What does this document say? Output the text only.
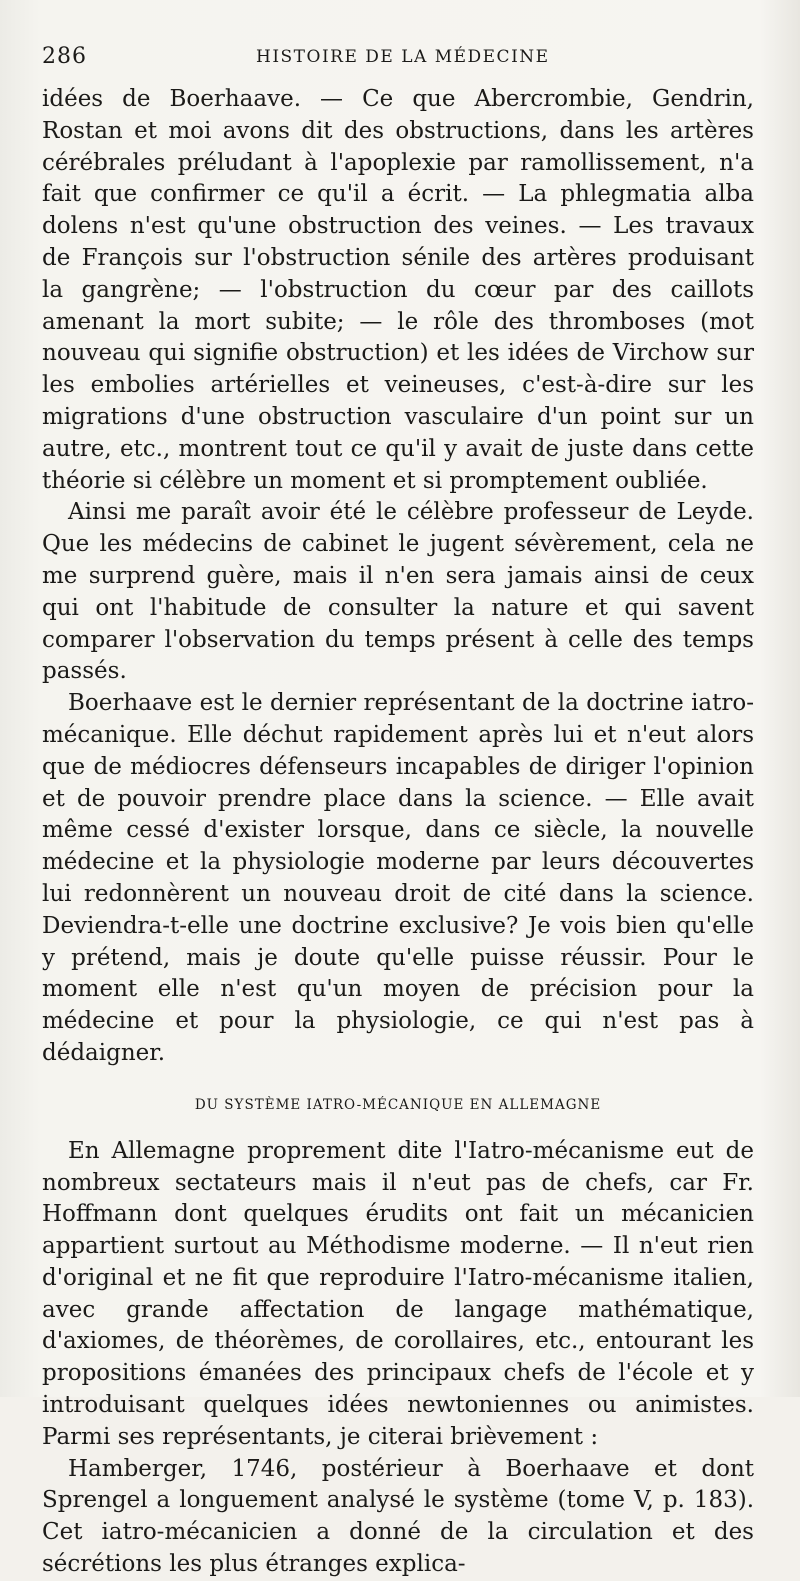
286	HISTOIRE DE LA MÉDECINE

idées de Boerhaave. — Ce que Abercrombie, Gendrin, Rostan et moi avons dit des obstructions, dans les artères cérébrales préludant à l'apoplexie par ramollissement, n'a fait que confirmer ce qu'il a écrit. — La phlegmatia alba dolens n'est qu'une obstruction des veines. — Les travaux de François sur l'obstruction sénile des artères produisant la gangrène; — l'obstruction du cœur par des caillots amenant la mort subite; — le rôle des thromboses (mot nouveau qui signifie obstruction) et les idées de Virchow sur les embolies artérielles et veineuses, c'est-à-dire sur les migrations d'une obstruction vasculaire d'un point sur un autre, etc., montrent tout ce qu'il y avait de juste dans cette théorie si célèbre un moment et si promptement oubliée.

Ainsi me paraît avoir été le célèbre professeur de Leyde. Que les médecins de cabinet le jugent sévèrement, cela ne me surprend guère, mais il n'en sera jamais ainsi de ceux qui ont l'habitude de consulter la nature et qui savent comparer l'observation du temps présent à celle des temps passés.

Boerhaave est le dernier représentant de la doctrine iatro-mécanique. Elle déchut rapidement après lui et n'eut alors que de médiocres défenseurs incapables de diriger l'opinion et de pouvoir prendre place dans la science. — Elle avait même cessé d'exister lorsque, dans ce siècle, la nouvelle médecine et la physiologie moderne par leurs découvertes lui redonnèrent un nouveau droit de cité dans la science. Deviendra-t-elle une doctrine exclusive? Je vois bien qu'elle y prétend, mais je doute qu'elle puisse réussir. Pour le moment elle n'est qu'un moyen de précision pour la médecine et pour la physiologie, ce qui n'est pas à dédaigner.

DU SYSTÈME IATRO-MÉCANIQUE EN ALLEMAGNE

En Allemagne proprement dite l'Iatro-mécanisme eut de nombreux sectateurs mais il n'eut pas de chefs, car Fr. Hoffmann dont quelques érudits ont fait un mécanicien appartient surtout au Méthodisme moderne. — Il n'eut rien d'original et ne fit que reproduire l'Iatro-mécanisme italien, avec grande affectation de langage mathématique, d'axiomes, de théorèmes, de corollaires, etc., entourant les propositions émanées des principaux chefs de l'école et y introduisant quelques idées newtoniennes ou animistes. Parmi ses représentants, je citerai brièvement :

Hamberger, 1746, postérieur à Boerhaave et dont Sprengel a longuement analysé le système (tome V, p. 183). Cet iatro-mécanicien a donné de la circulation et des sécrétions les plus étranges explica-
